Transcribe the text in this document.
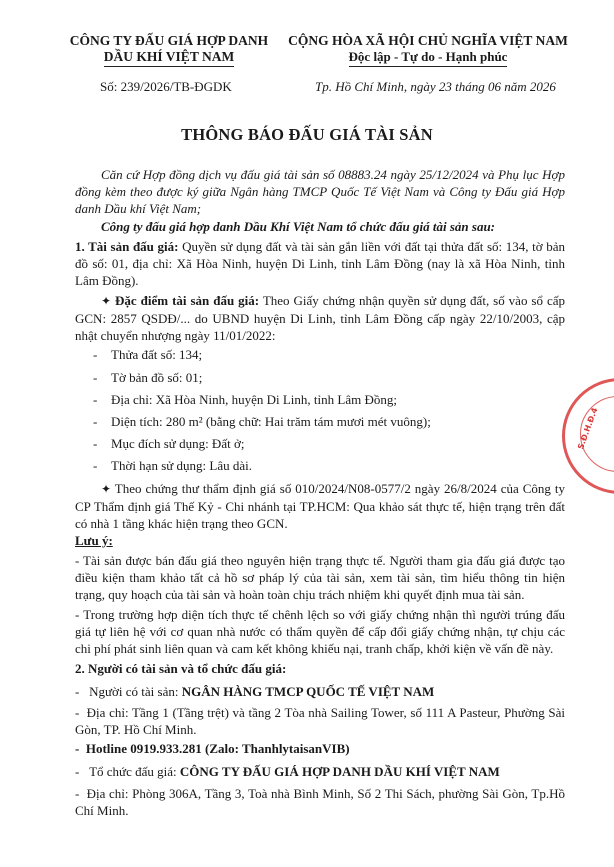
CÔNG TY ĐẤU GIÁ HỢP DANH
DẦU KHÍ VIỆT NAM
CỘNG HÒA XÃ HỘI CHỦ NGHĨA VIỆT NAM
Độc lập - Tự do - Hạnh phúc
Số: 239/2026/TB-ĐGDK	Tp. Hồ Chí Minh, ngày 23 tháng 06 năm 2026
THÔNG BÁO ĐẤU GIÁ TÀI SẢN
Căn cứ Hợp đồng dịch vụ đấu giá tài sản số 08883.24 ngày 25/12/2024 và Phụ lục Hợp đồng kèm theo được ký giữa Ngân hàng TMCP Quốc Tế Việt Nam và Công ty Đấu giá Hợp danh Dầu khí Việt Nam;
Công ty đấu giá hợp danh Dầu Khí Việt Nam tổ chức đấu giá tài sản sau:
1. Tài sản đấu giá: Quyền sử dụng đất và tài sản gắn liền với đất tại thửa đất số: 134, tờ bản đồ số: 01, địa chỉ: Xã Hòa Ninh, huyện Di Linh, tỉnh Lâm Đồng (nay là xã Hòa Ninh, tỉnh Lâm Đồng).
✦ Đặc điểm tài sản đấu giá: Theo Giấy chứng nhận quyền sử dụng đất, số vào sổ cấp GCN: 2857 QSDĐ/... do UBND huyện Di Linh, tỉnh Lâm Đồng cấp ngày 22/10/2003, cập nhật chuyển nhượng ngày 11/01/2022:
- Thửa đất số: 134;
- Tờ bản đồ số: 01;
- Địa chỉ: Xã Hòa Ninh, huyện Di Linh, tỉnh Lâm Đồng;
- Diện tích: 280 m² (bằng chữ: Hai trăm tám mươi mét vuông);
- Mục đích sử dụng: Đất ở;
- Thời hạn sử dụng: Lâu dài.
✦ Theo chứng thư thẩm định giá số 010/2024/N08-0577/2 ngày 26/8/2024 của Công ty CP Thẩm định giá Thế Kỷ - Chi nhánh tại TP.HCM: Qua khảo sát thực tế, hiện trạng trên đất có nhà 1 tầng khác hiện trạng theo GCN.
Lưu ý:
- Tài sản được bán đấu giá theo nguyên hiện trạng thực tế. Người tham gia đấu giá được tạo điều kiện tham khảo tất cả hồ sơ pháp lý của tài sản, xem tài sản, tìm hiểu thông tin hiện trạng, quy hoạch của tài sản và hoàn toàn chịu trách nhiệm khi quyết định mua tài sản.
- Trong trường hợp diện tích thực tế chênh lệch so với giấy chứng nhận thì người trúng đấu giá tự liên hệ với cơ quan nhà nước có thẩm quyền để cấp đổi giấy chứng nhận, tự chịu các chi phí phát sinh liên quan và cam kết không khiếu nại, tranh chấp, khởi kiện về vấn đề này.
2. Người có tài sản và tổ chức đấu giá:
- Người có tài sản: NGÂN HÀNG TMCP QUỐC TẾ VIỆT NAM
- Địa chỉ: Tầng 1 (Tầng trệt) và tầng 2 Tòa nhà Sailing Tower, số 111 A Pasteur, Phường Sài Gòn, TP. Hồ Chí Minh.
- Hotline 0919.933.281 (Zalo: ThanhlytaisanVIB)
- Tổ chức đấu giá: CÔNG TY ĐẤU GIÁ HỢP DANH DẦU KHÍ VIỆT NAM
- Địa chỉ: Phòng 306A, Tầng 3, Toà nhà Bình Minh, Số 2 Thi Sách, phường Sài Gòn, Tp.Hồ Chí Minh.
S.Đ.H.Đ.4
